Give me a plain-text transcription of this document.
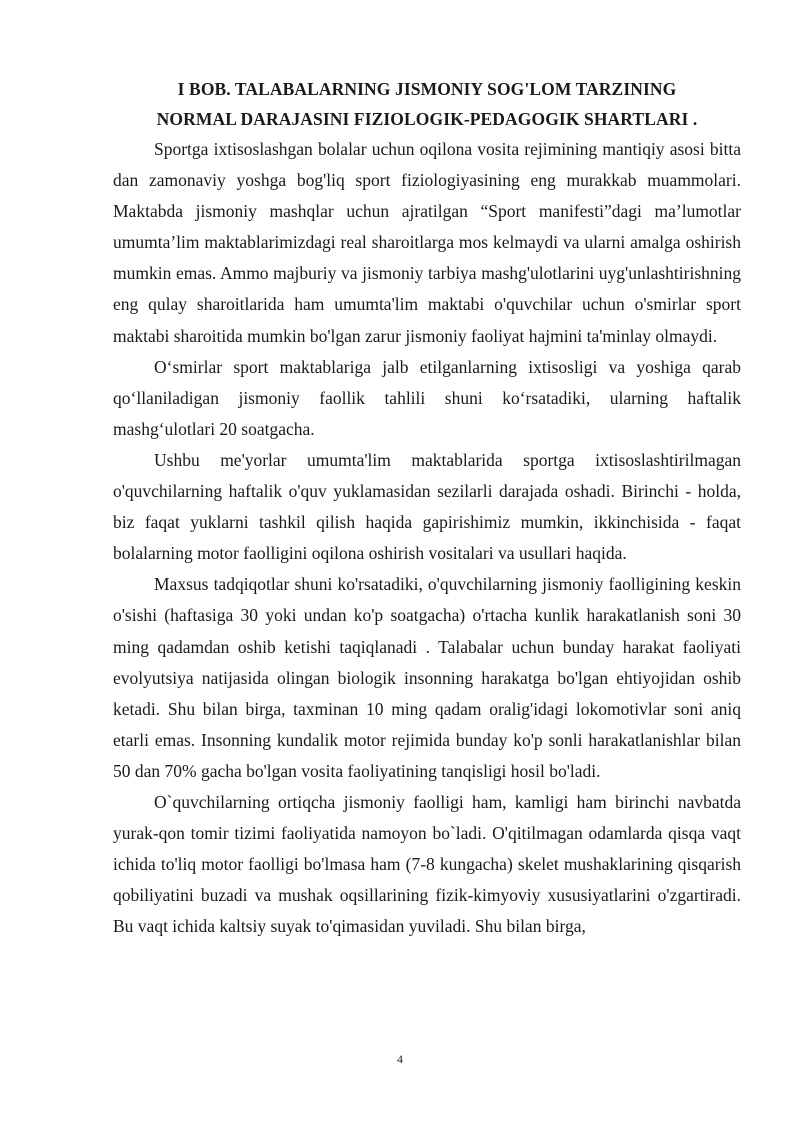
I BOB. TALABALARNING JISMONIY SOG'LOM TARZINING
NORMAL DARAJASINI FIZIOLOGIK-PEDAGOGIK SHARTLARI .

Sportga ixtisoslashgan bolalar uchun oqilona vosita rejimining mantiqiy asosi bitta dan zamonaviy yoshga bog'liq sport fiziologiyasining eng murakkab muammolari. Maktabda jismoniy mashqlar uchun ajratilgan “Sport manifesti”dagi ma’lumotlar umumta’lim maktablarimizdagi real sharoitlarga mos kelmaydi va ularni amalga oshirish mumkin emas. Ammo majburiy va jismoniy tarbiya mashg'ulotlarini uyg'unlashtirishning eng qulay sharoitlarida ham umumta'lim maktabi o'quvchilar uchun o'smirlar sport maktabi sharoitida mumkin bo'lgan zarur jismoniy faoliyat hajmini ta'minlay olmaydi.

O‘smirlar sport maktablariga jalb etilganlarning ixtisosligi va yoshiga qarab qo‘llaniladigan jismoniy faollik tahlili shuni ko‘rsatadiki, ularning haftalik mashg‘ulotlari 20 soatgacha.

Ushbu me'yorlar umumta'lim maktablarida sportga ixtisoslashtirilmagan o'quvchilarning haftalik o'quv yuklamasidan sezilarli darajada oshadi. Birinchi - holda, biz faqat yuklarni tashkil qilish haqida gapirishimiz mumkin, ikkinchisida - faqat bolalarning motor faolligini oqilona oshirish vositalari va usullari haqida.

Maxsus tadqiqotlar shuni ko'rsatadiki, o'quvchilarning jismoniy faolligining keskin o'sishi (haftasiga 30 yoki undan ko'p soatgacha) o'rtacha kunlik harakatlanish soni 30 ming qadamdan oshib ketishi taqiqlanadi . Talabalar uchun bunday harakat faoliyati evolyutsiya natijasida olingan biologik insonning harakatga bo'lgan ehtiyojidan oshib ketadi. Shu bilan birga, taxminan 10 ming qadam oralig'idagi lokomotivlar soni aniq etarli emas. Insonning kundalik motor rejimida bunday ko'p sonli harakatlanishlar bilan 50 dan 70% gacha bo'lgan vosita faoliyatining tanqisligi hosil bo'ladi.

O`quvchilarning ortiqcha jismoniy faolligi ham, kamligi ham birinchi navbatda yurak-qon tomir tizimi faoliyatida namoyon bo`ladi. O'qitilmagan odamlarda qisqa vaqt ichida to'liq motor faolligi bo'lmasa ham (7-8 kungacha) skelet mushaklarining qisqarish qobiliyatini buzadi va mushak oqsillarining fizik-kimyoviy xususiyatlarini o'zgartiradi. Bu vaqt ichida kaltsiy suyak to'qimasidan yuviladi. Shu bilan birga,

4
